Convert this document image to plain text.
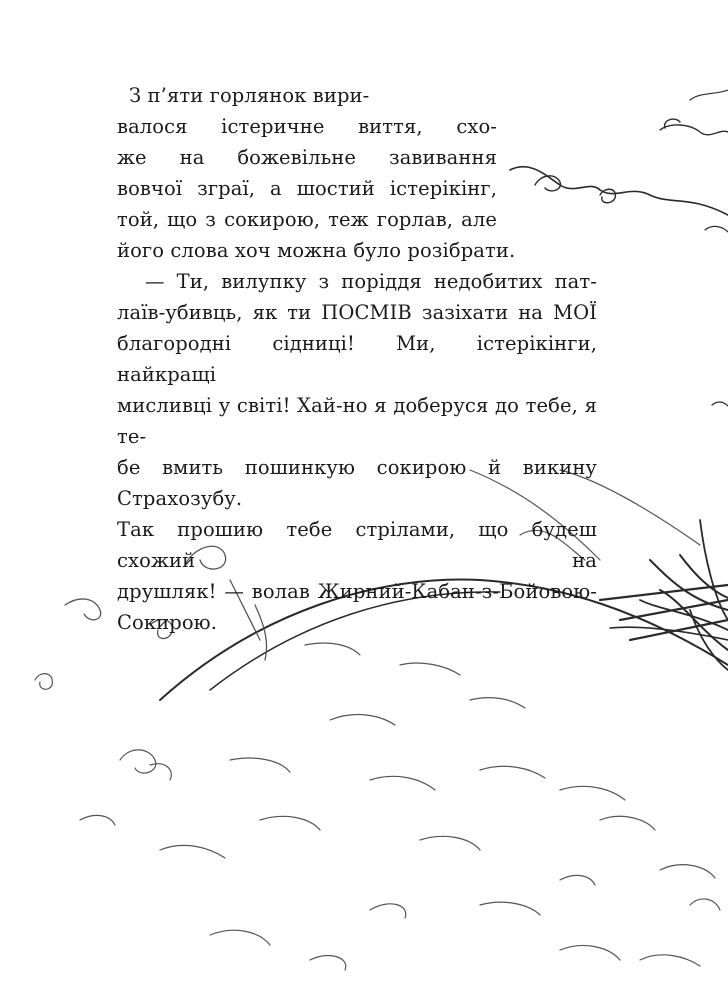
З п’яти горлянок вири-
валося істеричне виття, схо-
же на божевільне завивання
вовчої зграї, а шостий істерікінг,
той, що з сокирою, теж горлав, але
його слова хоч можна було розібрати.
— Ти, вилупку з поріддя недобитих пат-
лаїв-убивць, як ти ПОСМІВ зазіхати на МОЇ
благородні сідниці! Ми, істерікінги, найкращі
мисливці у світі! Хай-но я доберуся до тебе, я те-
бе вмить пошинкую сокирою й викину Страхозубу.
Так прошию тебе стрілами, що будеш схожий на
друшляк! — волав Жирний-Кабан-з-Бойовою-
Сокирою.
